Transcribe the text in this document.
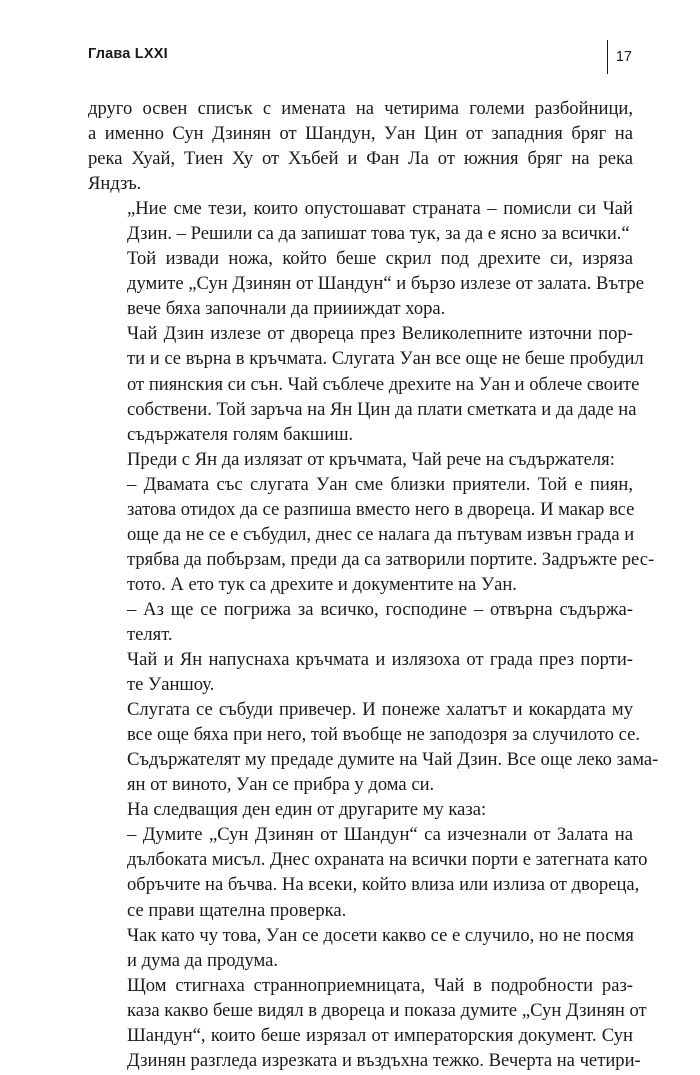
Глава LXXI	17
друго освен списък с имената на четирима големи разбойници,
а именно Сун Дзинян от Шандун, Уан Цин от западния бряг на
река Хуай, Тиен Ху от Хъбей и Фан Ла от южния бряг на река
Яндзъ.
„Ние сме тези, които опустошават страната – помисли си Чай
Дзин. – Решили са да запишат това тук, за да е ясно за всички.“
Той извади ножа, който беше скрил под дрехите си, изряза
думите „Сун Дзинян от Шандун“ и бързо излезе от залата. Вътре
вече бяха започнали да приииждат хора.
Чай Дзин излезе от двореца през Великолепните източни пор-
ти и се върна в кръчмата. Слугата Уан все още не беше пробудил
от пиянския си сън. Чай съблече дрехите на Уан и облече своите
собствени. Той заръча на Ян Цин да плати сметката и да даде на
съдържателя голям бакшиш.
Преди с Ян да излязат от кръчмата, Чай рече на съдържателя:
– Двамата със слугата Уан сме близки приятели. Той е пиян,
затова отидох да се разпиша вместо него в двореца. И макар все
още да не се е събудил, днес се налага да пътувам извън града и
трябва да побързам, преди да са затворили портите. Задръжте рес-
тото. А ето тук са дрехите и документите на Уан.
– Аз ще се погрижа за всичко, господине – отвърна съдържа-
телят.
Чай и Ян напуснаха кръчмата и излязоха от града през порти-
те Уаншоу.
Слугата се събуди привечер. И понеже халатът и кокардата му
все още бяха при него, той въобще не заподозря за случилото се.
Съдържателят му предаде думите на Чай Дзин. Все още леко зама-
ян от виното, Уан се прибра у дома си.
На следващия ден един от другарите му каза:
– Думите „Сун Дзинян от Шандун“ са изчезнали от Залата на
дълбоката мисъл. Днес охраната на всички порти е затегната като
обръчите на бъчва. На всеки, който влиза или излиза от двореца,
се прави щателна проверка.
Чак като чу това, Уан се досети какво се е случило, но не посмя
и дума да продума.
Щом стигнаха странноприемницата, Чай в подробности раз-
каза какво беше видял в двореца и показа думите „Сун Дзинян от
Шандун“, които беше изрязал от императорския документ. Сун
Дзинян разгледа изрезката и въздъхна тежко. Вечерта на четири-
